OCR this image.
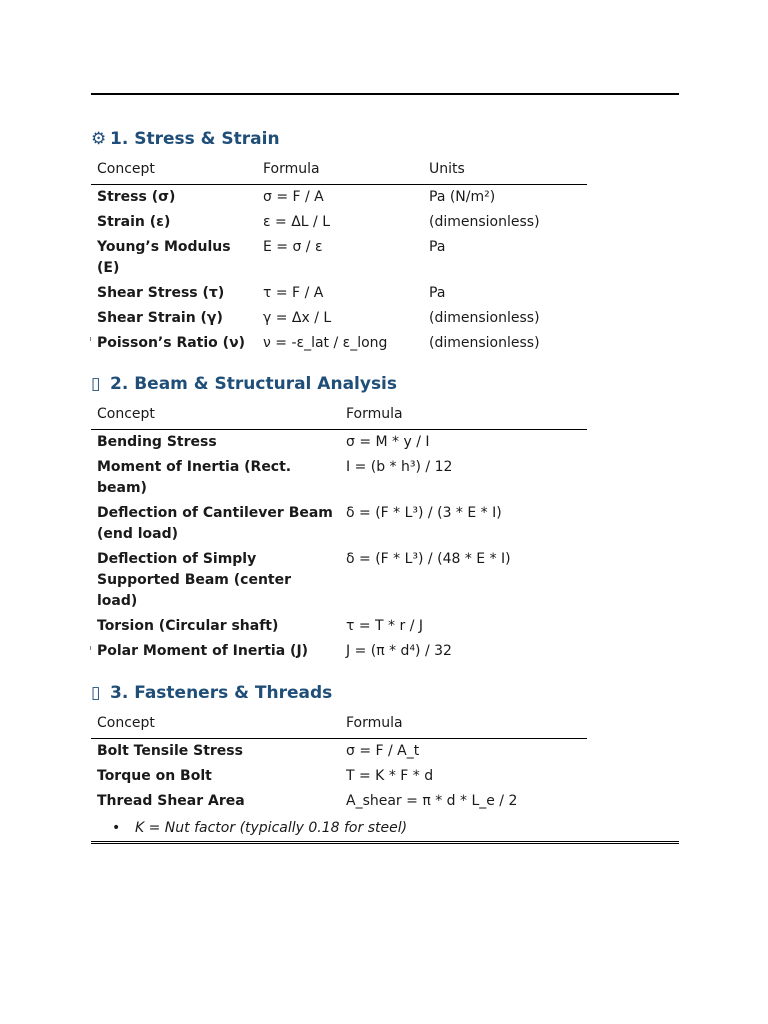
⚙ 1. Stress & Strain
Concept	Formula	Units
Stress (σ)	σ = F / A	Pa (N/m²)
Strain (ε)	ε = ΔL / L	(dimensionless)
Young’s Modulus (E)	E = σ / ε	Pa
Shear Stress (τ)	τ = F / A	Pa
Shear Strain (γ)	γ = Δx / L	(dimensionless)
Poisson’s Ratio (ν)	ν = -ε_lat / ε_long	(dimensionless)
▯ 2. Beam & Structural Analysis
Concept	Formula
Bending Stress	σ = M * y / I
Moment of Inertia (Rect. beam)	I = (b * h³) / 12
Deflection of Cantilever Beam (end load)	δ = (F * L³) / (3 * E * I)
Deflection of Simply Supported Beam (center load)	δ = (F * L³) / (48 * E * I)
Torsion (Circular shaft)	τ = T * r / J
Polar Moment of Inertia (J)	J = (π * d⁴) / 32
▯ 3. Fasteners & Threads
Concept	Formula
Bolt Tensile Stress	σ = F / A_t
Torque on Bolt	T = K * F * d
Thread Shear Area	A_shear = π * d * L_e / 2
• K = Nut factor (typically 0.18 for steel)
